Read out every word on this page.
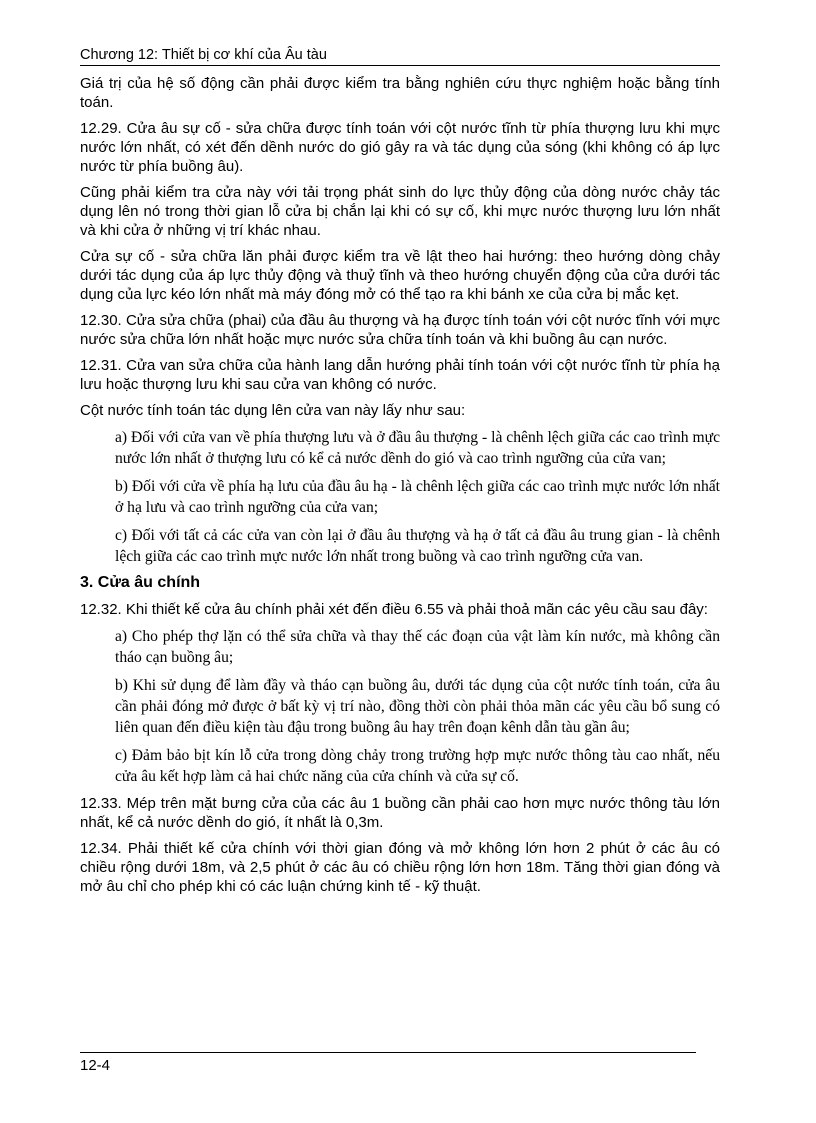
Chương 12: Thiết bị cơ khí của Âu tàu

Giá trị của hệ số động cần phải được kiểm tra bằng nghiên cứu thực nghiệm hoặc bằng tính toán.

12.29. Cửa âu sự cố - sửa chữa được tính toán với cột nước tĩnh từ phía thượng lưu khi mực nước lớn nhất, có xét đến dềnh nước do gió gây ra và tác dụng của sóng (khi không có áp lực nước từ phía buồng âu).

Cũng phải kiểm tra cửa này với tải trọng phát sinh do lực thủy động của dòng nước chảy tác dụng lên nó trong thời gian lỗ cửa bị chắn lại khi có sự cố, khi mực nước thượng lưu lớn nhất và khi cửa ở những vị trí khác nhau.

Cửa sự cố - sửa chữa lăn phải được kiểm tra về lật theo hai hướng: theo hướng dòng chảy dưới tác dụng của áp lực thủy động và thuỷ tĩnh và theo hướng chuyển động của cửa dưới tác dụng của lực kéo lớn nhất mà máy đóng mở có thể tạo ra khi bánh xe của cửa bị mắc kẹt.

12.30. Cửa sửa chữa (phai) của đầu âu thượng và hạ được tính toán với cột nước tĩnh với mực nước sửa chữa lớn nhất hoặc mực nước sửa chữa tính toán và khi buồng âu cạn nước.

12.31. Cửa van sửa chữa của hành lang dẫn hướng phải tính toán với cột nước tĩnh từ phía hạ lưu hoặc thượng lưu khi sau cửa van không có nước.

Cột nước tính toán tác dụng lên cửa van này lấy như sau:

a) Đối với cửa van về phía thượng lưu và ở đầu âu thượng - là chênh lệch giữa các cao trình mực nước lớn nhất ở thượng lưu có kể cả nước dềnh do gió và cao trình ngưỡng của cửa van;

b) Đối với cửa về phía hạ lưu của đầu âu hạ - là chênh lệch giữa các cao trình mực nước lớn nhất ở hạ lưu và cao trình ngưỡng của cửa van;

c) Đối với tất cả các cửa van còn lại ở đầu âu thượng và hạ ở tất cả đầu âu trung gian - là chênh lệch giữa các cao trình mực nước lớn nhất trong buồng và cao trình ngưỡng cửa van.

3. Cửa âu chính

12.32. Khi thiết kế cửa âu chính phải xét đến điều 6.55 và phải thoả mãn các yêu cầu sau đây:

a) Cho phép thợ lặn có thể sửa chữa và thay thế các đoạn của vật làm kín nước, mà không cần tháo cạn buồng âu;

b) Khi sử dụng để làm đầy và tháo cạn buồng âu, dưới tác dụng của cột nước tính toán, cửa âu cần phải đóng mở được ở bất kỳ vị trí nào, đồng thời còn phải thỏa mãn các yêu cầu bổ sung có liên quan đến điều kiện tàu đậu trong buồng âu hay trên đoạn kênh dẫn tàu gần âu;

c) Đảm bảo bịt kín lỗ cửa trong dòng chảy trong trường hợp mực nước thông tàu cao nhất, nếu cửa âu kết hợp làm cả hai chức năng của cửa chính và cửa sự cố.

12.33. Mép trên mặt bưng cửa của các âu 1 buồng cần phải cao hơn mực nước thông tàu lớn nhất, kể cả nước dềnh do gió, ít nhất là 0,3m.

12.34. Phải thiết kế cửa chính với thời gian đóng và mở không lớn hơn 2 phút ở các âu có chiều rộng dưới 18m, và 2,5 phút ở các âu có chiều rộng lớn hơn 18m. Tăng thời gian đóng và mở âu chỉ cho phép khi có các luận chứng kinh tế - kỹ thuật.

12-4
